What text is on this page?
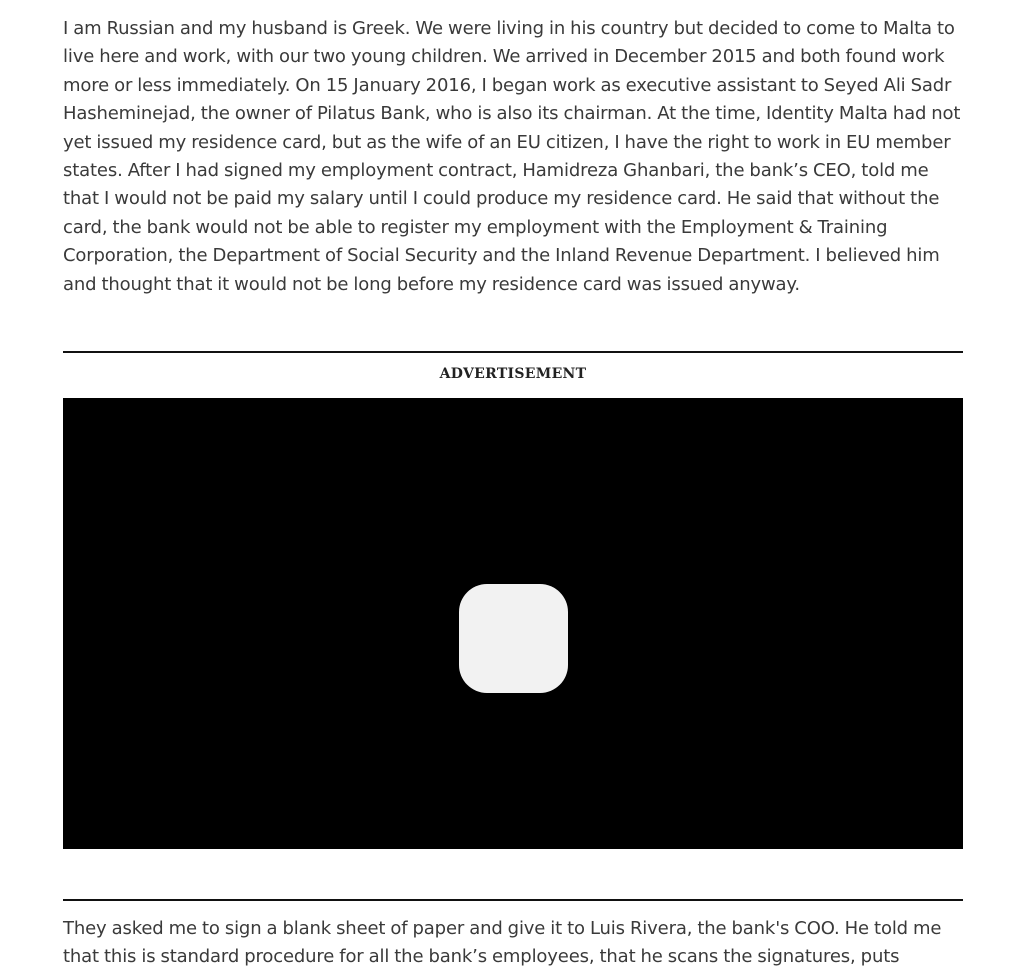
I am Russian and my husband is Greek. We were living in his country but decided to come to Malta to live here and work, with our two young children. We arrived in December 2015 and both found work more or less immediately. On 15 January 2016, I began work as executive assistant to Seyed Ali Sadr Hasheminejad, the owner of Pilatus Bank, who is also its chairman. At the time, Identity Malta had not yet issued my residence card, but as the wife of an EU citizen, I have the right to work in EU member states. After I had signed my employment contract, Hamidreza Ghanbari, the bank’s CEO, told me that I would not be paid my salary until I could produce my residence card. He said that without the card, the bank would not be able to register my employment with the Employment & Training Corporation, the Department of Social Security and the Inland Revenue Department. I believed him and thought that it would not be long before my residence card was issued anyway.

ADVERTISEMENT

They asked me to sign a blank sheet of paper and give it to Luis Rivera, the bank's COO. He told me that this is standard procedure for all the bank’s employees, that he scans the signatures, puts
